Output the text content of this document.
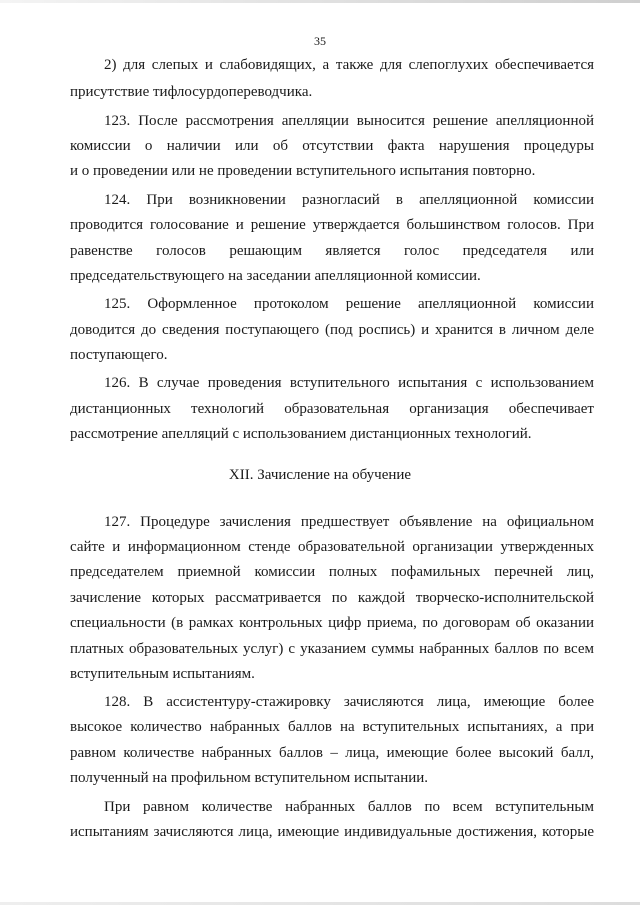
35
2) для слепых и слабовидящих, а также для слепоглухих обеспечивается
присутствие тифлосурдопереводчика.
123. После рассмотрения апелляции выносится решение апелляционной
комиссии о наличии или об отсутствии факта нарушения процедуры
и о проведении или не проведении вступительного испытания повторно.
124. При возникновении разногласий в апелляционной комиссии
проводится голосование и решение утверждается большинством голосов. При
равенстве голосов решающим является голос председателя или
председательствующего на заседании апелляционной комиссии.
125. Оформленное протоколом решение апелляционной комиссии
доводится до сведения поступающего (под роспись) и хранится в личном деле
поступающего.
126. В случае проведения вступительного испытания с использованием
дистанционных технологий образовательная организация обеспечивает
рассмотрение апелляций с использованием дистанционных технологий.
XII. Зачисление на обучение
127. Процедуре зачисления предшествует объявление на официальном
сайте и информационном стенде образовательной организации утвержденных
председателем приемной комиссии полных пофамильных перечней лиц,
зачисление которых рассматривается по каждой творческо-исполнительской
специальности (в рамках контрольных цифр приема, по договорам об оказании
платных образовательных услуг) с указанием суммы набранных баллов по всем
вступительным испытаниям.
128. В ассистентуру-стажировку зачисляются лица, имеющие более
высокое количество набранных баллов на вступительных испытаниях, а при
равном количестве набранных баллов – лица, имеющие более высокий балл,
полученный на профильном вступительном испытании.
При равном количестве набранных баллов по всем вступительным
испытаниям зачисляются лица, имеющие индивидуальные достижения, которые
